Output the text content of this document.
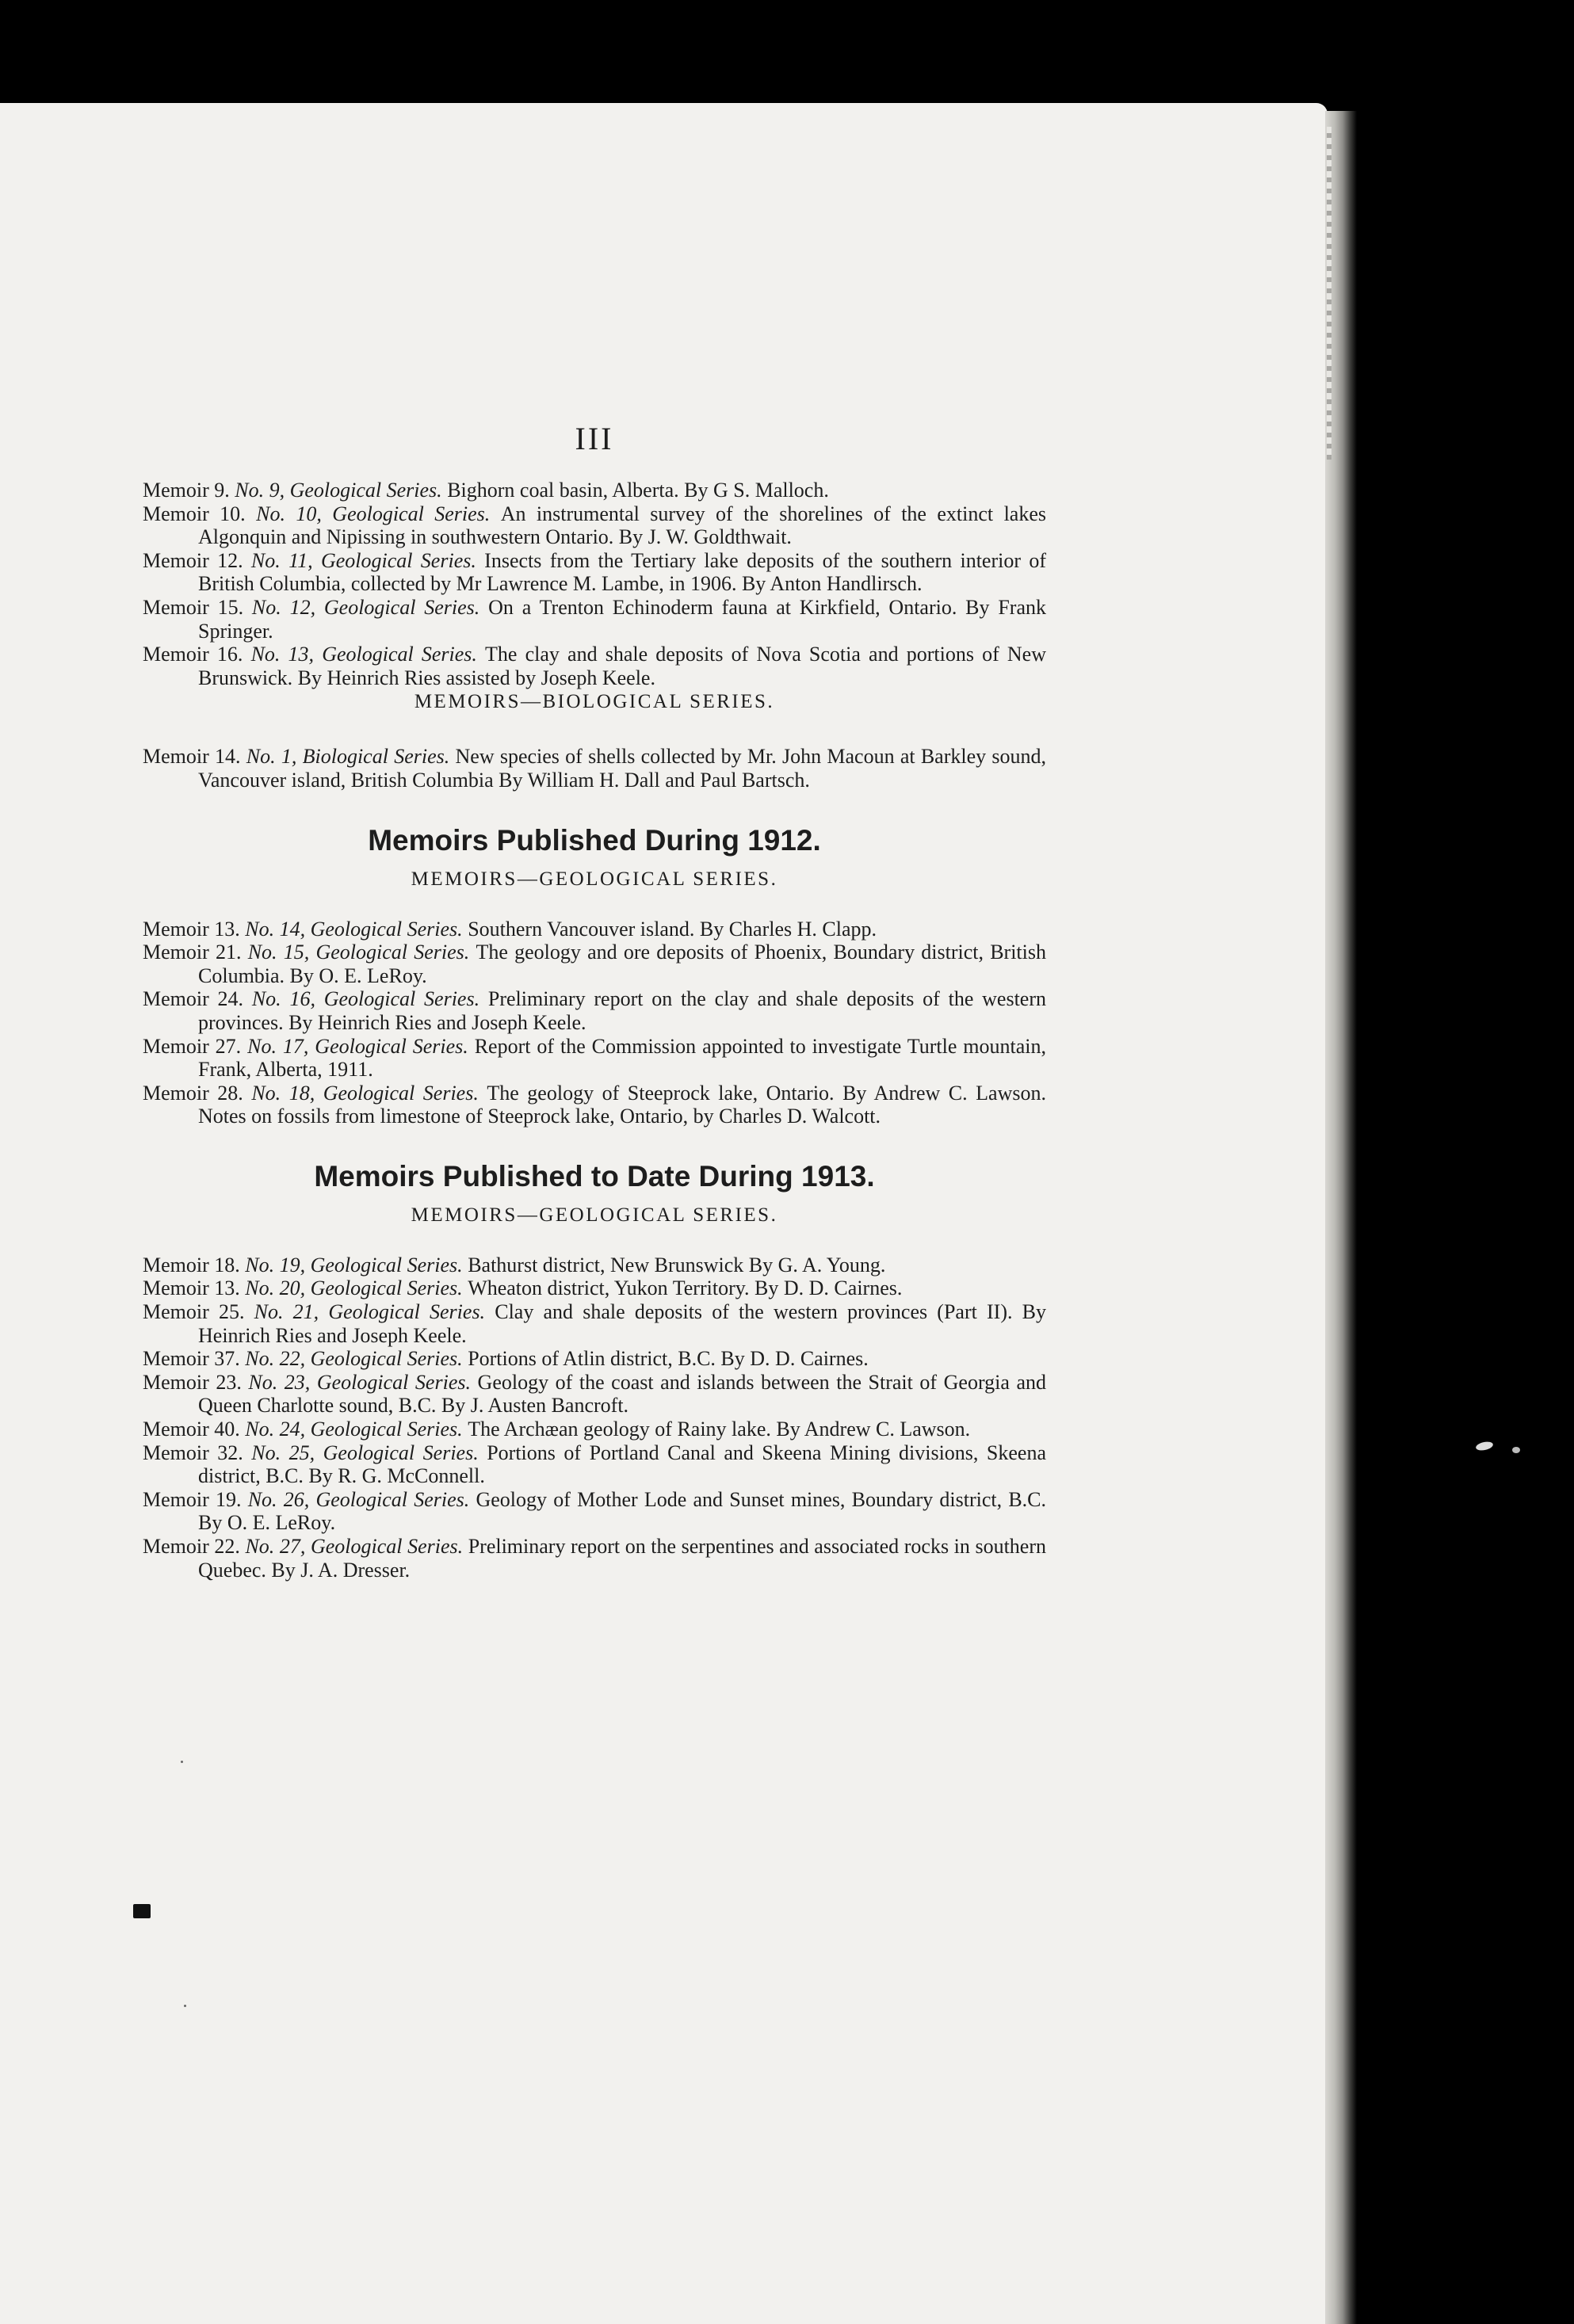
III

Memoir 9. No. 9, Geological Series. Bighorn coal basin, Alberta. By G S. Malloch.

Memoir 10. No. 10, Geological Series. An instrumental survey of the shorelines of the extinct lakes Algonquin and Nipissing in southwestern Ontario. By J. W. Goldthwait.

Memoir 12. No. 11, Geological Series. Insects from the Tertiary lake deposits of the southern interior of British Columbia, collected by Mr Lawrence M. Lambe, in 1906. By Anton Handlirsch.

Memoir 15. No. 12, Geological Series. On a Trenton Echinoderm fauna at Kirkfield, Ontario. By Frank Springer.

Memoir 16. No. 13, Geological Series. The clay and shale deposits of Nova Scotia and portions of New Brunswick. By Heinrich Ries assisted by Joseph Keele.

MEMOIRS—BIOLOGICAL SERIES.

Memoir 14. No. 1, Biological Series. New species of shells collected by Mr. John Macoun at Barkley sound, Vancouver island, British Columbia By William H. Dall and Paul Bartsch.

Memoirs Published During 1912.
MEMOIRS—GEOLOGICAL SERIES.

Memoir 13. No. 14, Geological Series. Southern Vancouver island. By Charles H. Clapp.

Memoir 21. No. 15, Geological Series. The geology and ore deposits of Phoenix, Boundary district, British Columbia. By O. E. LeRoy.

Memoir 24. No. 16, Geological Series. Preliminary report on the clay and shale deposits of the western provinces. By Heinrich Ries and Joseph Keele.

Memoir 27. No. 17, Geological Series. Report of the Commission appointed to investigate Turtle mountain, Frank, Alberta, 1911.

Memoir 28. No. 18, Geological Series. The geology of Steeprock lake, Ontario. By Andrew C. Lawson. Notes on fossils from limestone of Steeprock lake, Ontario, by Charles D. Walcott.

Memoirs Published to Date During 1913.
MEMOIRS—GEOLOGICAL SERIES.

Memoir 18. No. 19, Geological Series. Bathurst district, New Brunswick By G. A. Young.

Memoir 13. No. 20, Geological Series. Wheaton district, Yukon Territory. By D. D. Cairnes.

Memoir 25. No. 21, Geological Series. Clay and shale deposits of the western provinces (Part II). By Heinrich Ries and Joseph Keele.

Memoir 37. No. 22, Geological Series. Portions of Atlin district, B.C. By D. D. Cairnes.

Memoir 23. No. 23, Geological Series. Geology of the coast and islands between the Strait of Georgia and Queen Charlotte sound, B.C. By J. Austen Bancroft.

Memoir 40. No. 24, Geological Series. The Archæan geology of Rainy lake. By Andrew C. Lawson.

Memoir 32. No. 25, Geological Series. Portions of Portland Canal and Skeena Mining divisions, Skeena district, B.C. By R. G. McConnell.

Memoir 19. No. 26, Geological Series. Geology of Mother Lode and Sunset mines, Boundary district, B.C. By O. E. LeRoy.

Memoir 22. No. 27, Geological Series. Preliminary report on the serpentines and associated rocks in southern Quebec. By J. A. Dresser.
